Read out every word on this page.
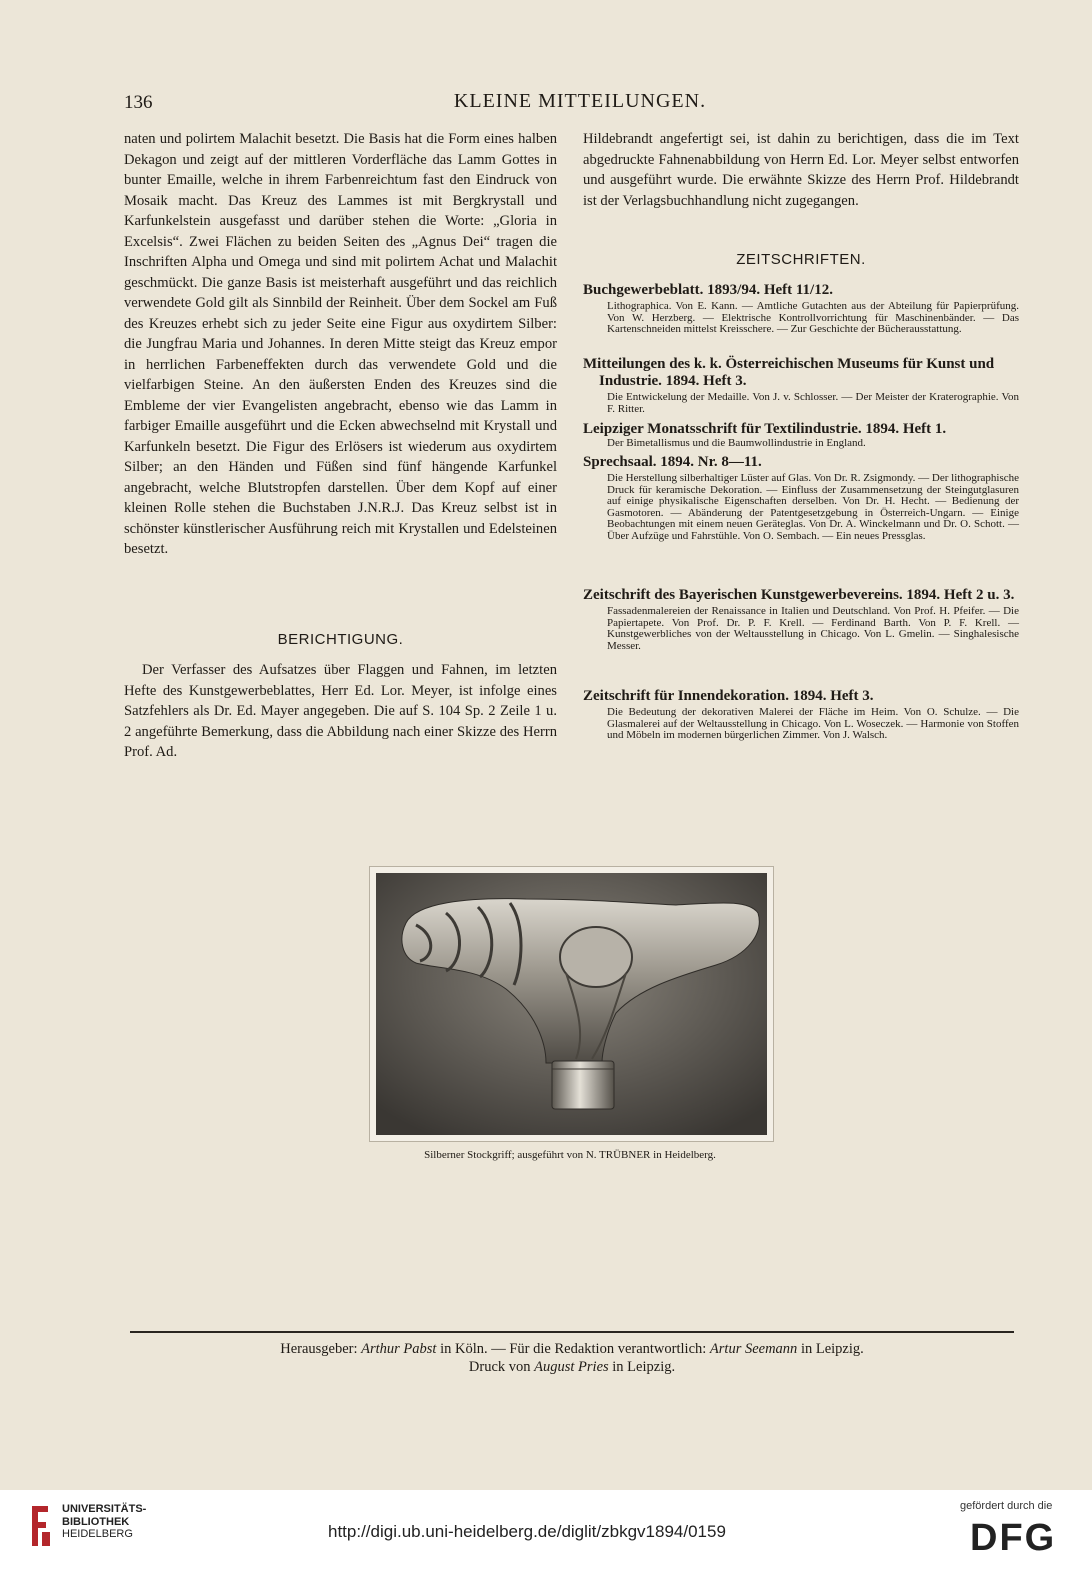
136	KLEINE MITTEILUNGEN.

naten und polirtem Malachit besetzt. Die Basis hat die Form eines halben Dekagon und zeigt auf der mittleren Vorderfläche das Lamm Gottes in bunter Emaille, welche in ihrem Farbenreichtum fast den Eindruck von Mosaik macht. Das Kreuz des Lammes ist mit Bergkrystall und Karfunkelstein ausgefasst und darüber stehen die Worte: „Gloria in Excelsis“. Zwei Flächen zu beiden Seiten des „Agnus Dei“ tragen die Inschriften Alpha und Omega und sind mit polirtem Achat und Malachit geschmückt. Die ganze Basis ist meisterhaft ausgeführt und das reichlich verwendete Gold gilt als Sinnbild der Reinheit. Über dem Sockel am Fuß des Kreuzes erhebt sich zu jeder Seite eine Figur aus oxydirtem Silber: die Jungfrau Maria und Johannes. In deren Mitte steigt das Kreuz empor in herrlichen Farbeneffekten durch das verwendete Gold und die vielfarbigen Steine. An den äußersten Enden des Kreuzes sind die Embleme der vier Evangelisten angebracht, ebenso wie das Lamm in farbiger Emaille ausgeführt und die Ecken abwechselnd mit Krystall und Karfunkeln besetzt. Die Figur des Erlösers ist wiederum aus oxydirtem Silber; an den Händen und Füßen sind fünf hängende Karfunkel angebracht, welche Blutstropfen darstellen. Über dem Kopf auf einer kleinen Rolle stehen die Buchstaben J.N.R.J. Das Kreuz selbst ist in schönster künstlerischer Ausführung reich mit Krystallen und Edelsteinen besetzt.

BERICHTIGUNG.

Der Verfasser des Aufsatzes über Flaggen und Fahnen, im letzten Hefte des Kunstgewerbeblattes, Herr Ed. Lor. Meyer, ist infolge eines Satzfehlers als Dr. Ed. Mayer angegeben. Die auf S. 104 Sp. 2 Zeile 1 u. 2 angeführte Bemerkung, dass die Abbildung nach einer Skizze des Herrn Prof. Ad.

Hildebrandt angefertigt sei, ist dahin zu berichtigen, dass die im Text abgedruckte Fahnenabbildung von Herrn Ed. Lor. Meyer selbst entworfen und ausgeführt wurde. Die erwähnte Skizze des Herrn Prof. Hildebrandt ist der Verlagsbuchhandlung nicht zugegangen.

ZEITSCHRIFTEN.

Buchgewerbeblatt. 1893/94. Heft 11/12.

Lithographica. Von E. Kann. — Amtliche Gutachten aus der Abteilung für Papierprüfung. Von W. Herzberg. — Elektrische Kontrollvorrichtung für Maschinenbänder. — Das Kartenschneiden mittelst Kreisschere. — Zur Geschichte der Bücherausstattung.

Mitteilungen des k. k. Österreichischen Museums für Kunst und Industrie. 1894. Heft 3.

Die Entwickelung der Medaille. Von J. v. Schlosser. — Der Meister der Kraterographie. Von F. Ritter.

Leipziger Monatsschrift für Textilindustrie. 1894. Heft 1.

Der Bimetallismus und die Baumwollindustrie in England.

Sprechsaal. 1894. Nr. 8—11.

Die Herstellung silberhaltiger Lüster auf Glas. Von Dr. R. Zsigmondy. — Der lithographische Druck für keramische Dekoration. — Einfluss der Zusammensetzung der Steingutglasuren auf einige physikalische Eigenschaften derselben. Von Dr. H. Hecht. — Bedienung der Gasmotoren. — Abänderung der Patentgesetzgebung in Österreich-Ungarn. — Einige Beobachtungen mit einem neuen Geräteglas. Von Dr. A. Winckelmann und Dr. O. Schott. — Über Aufzüge und Fahrstühle. Von O. Sembach. — Ein neues Pressglas.

Zeitschrift des Bayerischen Kunstgewerbevereins. 1894. Heft 2 u. 3.

Fassadenmalereien der Renaissance in Italien und Deutschland. Von Prof. H. Pfeifer. — Die Papiertapete. Von Prof. Dr. P. F. Krell. — Ferdinand Barth. Von P. F. Krell. — Kunstgewerbliches von der Weltausstellung in Chicago. Von L. Gmelin. — Singhalesische Messer.

Zeitschrift für Innendekoration. 1894. Heft 3.

Die Bedeutung der dekorativen Malerei der Fläche im Heim. Von O. Schulze. — Die Glasmalerei auf der Weltausstellung in Chicago. Von L. Woseczek. — Harmonie von Stoffen und Möbeln im modernen bürgerlichen Zimmer. Von J. Walsch.

Silberner Stockgriff; ausgeführt von N. TRÜBNER in Heidelberg.
Herausgeber: Arthur Pabst in Köln. — Für die Redaktion verantwortlich: Artur Seemann in Leipzig.
Druck von August Pries in Leipzig.
UNIVERSITÄTS-
BIBLIOTHEK
HEIDELBERG	http://digi.ub.uni-heidelberg.de/diglit/zbkgv1894/0159
gefördert durch die
DFG
